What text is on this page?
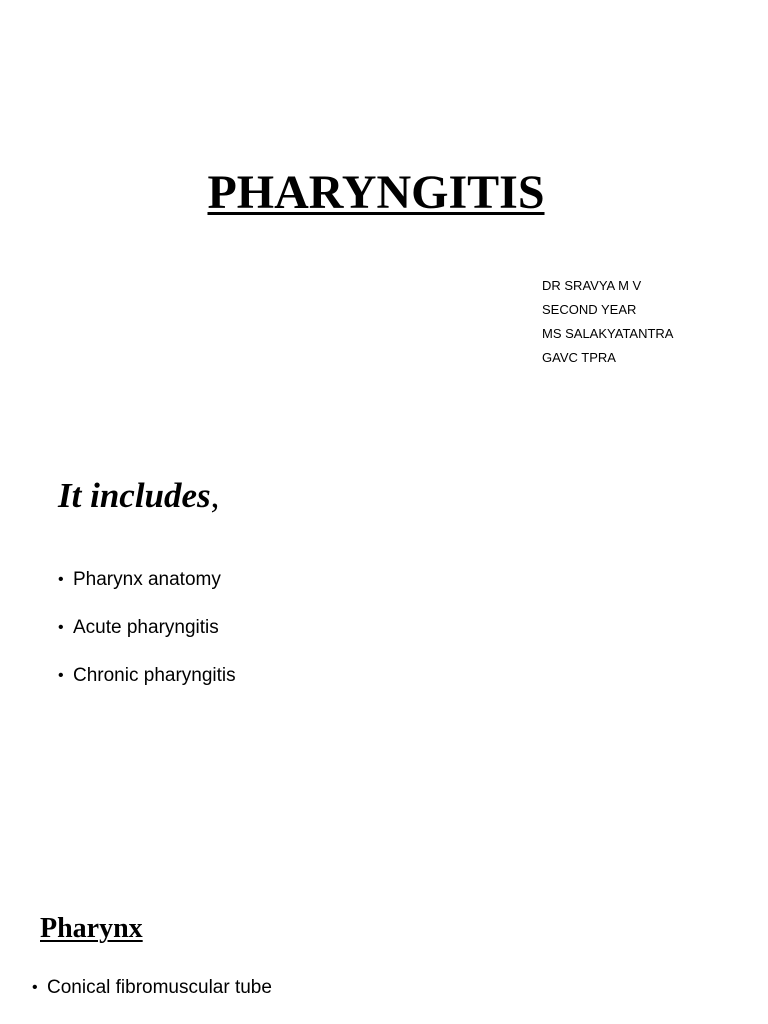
PHARYNGITIS
DR SRAVYA M V
SECOND YEAR
MS SALAKYATANTRA
GAVC TPRA
It includes,
• Pharynx anatomy
• Acute pharyngitis
• Chronic pharyngitis
Pharynx
• Conical fibromuscular tube
